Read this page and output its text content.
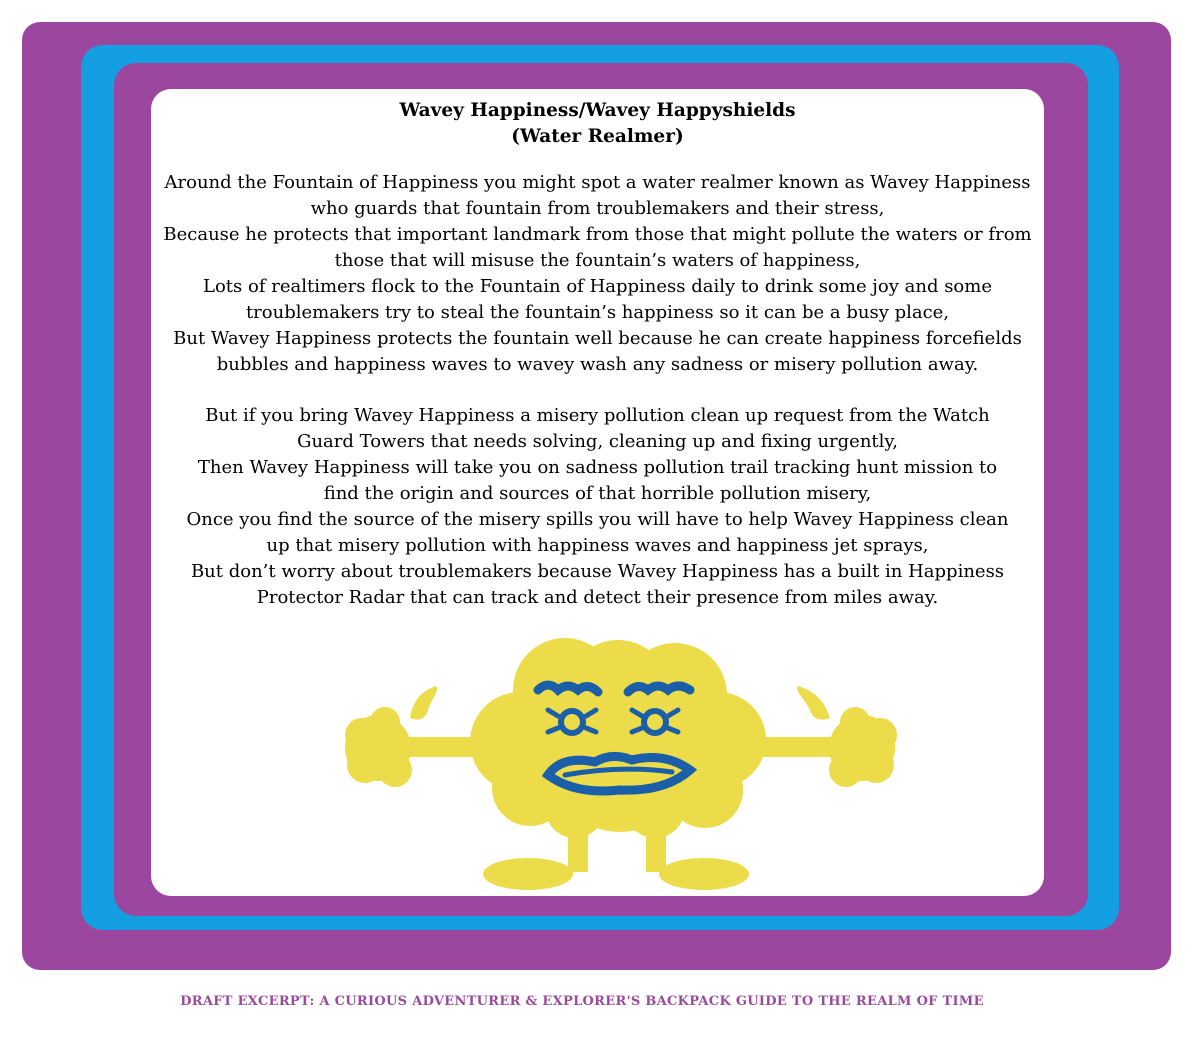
Wavey Happiness/Wavey Happyshields
(Water Realmer)
Around the Fountain of Happiness you might spot a water realmer known as Wavey Happiness
who guards that fountain from troublemakers and their stress,
Because he protects that important landmark from those that might pollute the waters or from
those that will misuse the fountain’s waters of happiness,
Lots of realtimers flock to the Fountain of Happiness daily to drink some joy and some
troublemakers try to steal the fountain’s happiness so it can be a busy place,
But Wavey Happiness protects the fountain well because he can create happiness forcefields
bubbles and happiness waves to wavey wash any sadness or misery pollution away.
But if you bring Wavey Happiness a misery pollution clean up request from the Watch
Guard Towers that needs solving, cleaning up and fixing urgently,
Then Wavey Happiness will take you on sadness pollution trail tracking hunt mission to
find the origin and sources of that horrible pollution misery,
Once you find the source of the misery spills you will have to help Wavey Happiness clean
up that misery pollution with happiness waves and happiness jet sprays,
But don’t worry about troublemakers because Wavey Happiness has a built in Happiness
Protector Radar that can track and detect their presence from miles away.
DRAFT EXCERPT: A CURIOUS ADVENTURER & EXPLORER'S BACKPACK GUIDE TO THE REALM OF TIME
